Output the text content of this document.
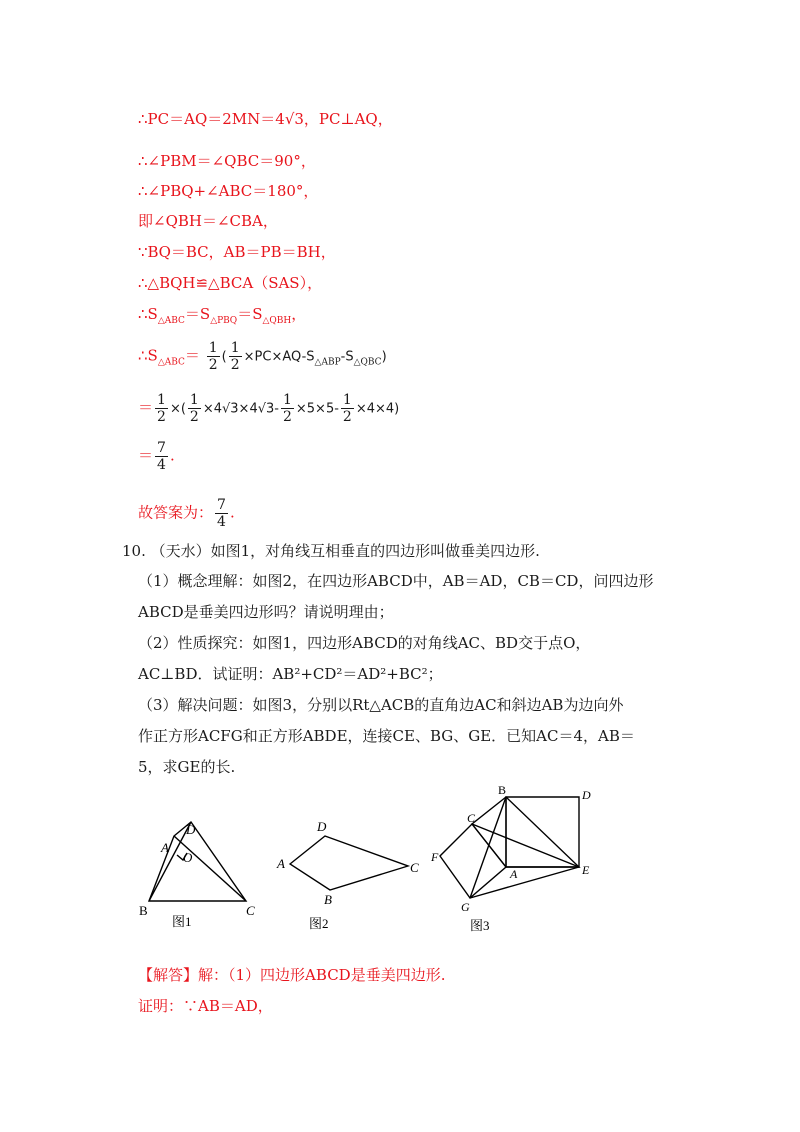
∴PC＝AQ＝2MN＝4√3，PC⊥AQ，
∴∠PBM＝∠QBC＝90°，
∴∠PBQ+∠ABC＝180°，
即∠QBH＝∠CBA，
∵BQ＝BC，AB＝PB＝BH，
∴△BQH≌△BCA（SAS），
$\therefore S_{\triangle ABC}=S_{\triangle PBQ}=S_{\triangle QBH}$，
$\therefore S_{\triangle ABC}= \frac{1}{2}$ ( $\frac{1}{2} \times PC\times AQ-S_{\triangle ABP}-S_{\triangle QBC}$)
＝ $\frac{1}{2}$ ×( $\frac{1}{2} \times 4√3\times 4√3- \frac{1}{2} \times 5\times 5- \frac{1}{2} \times 4\times 4$)
＝ $\frac{7}{4}$ .
故答案为： $\frac{7}{4}$ .
10. （天水）如图1，对角线互相垂直的四边形叫做垂美四边形.
（1）概念理解：如图2，在四边形ABCD中，AB＝AD，CB＝CD，问四边形
ABCD是垂美四边形吗？请说明理由；
（2）性质探究：如图1，四边形ABCD的对角线AC、BD交于点O，
AC⊥BD．试证明：AB²+CD²＝AD²+BC²；
（3）解决问题：如图3，分别以Rt△ACB的直角边AC和斜边AB为边向外
作正方形ACFG和正方形ABDE，连接CE、BG、GE．已知AC＝4，AB＝
5，求GE的长.
B
A
D
O
C
图1
A
D
C
B
图2
B	D
C
F
A	E
G
图3
【解答】解：（1）四边形ABCD是垂美四边形.
证明：∵AB＝AD，
